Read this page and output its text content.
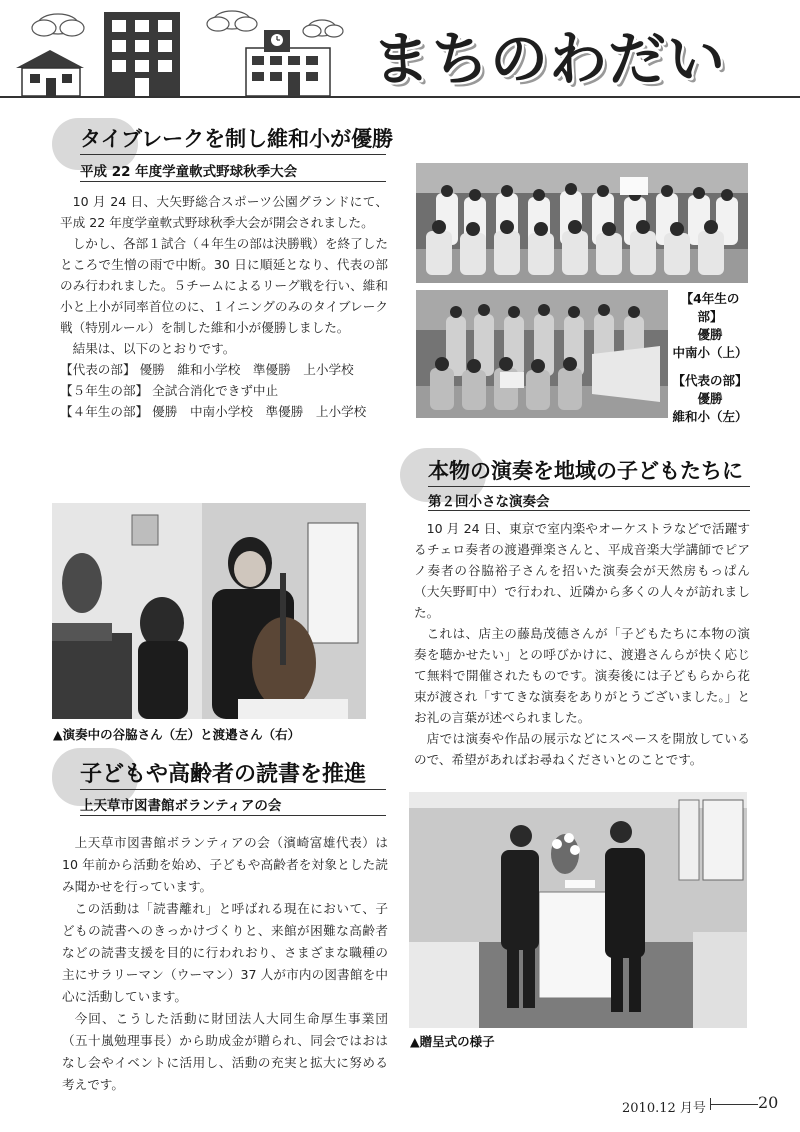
まちのわだい
タイブレークを制し維和小が優勝
平成 22 年度学童軟式野球秋季大会

10 月 24 日、大矢野総合スポーツ公園グランドにて、平成 22 年度学童軟式野球秋季大会が開会されました。

しかし、各部１試合（４年生の部は決勝戦）を終了したところで生憎の雨で中断。30 日に順延となり、代表の部のみ行われました。５チームによるリーグ戦を行い、維和小と上小が同率首位のに、１イニングのみのタイブレーク戦（特別ルール）を制した維和小が優勝しました。

結果は、以下のとおりです。

【代表の部】 優勝　維和小学校　準優勝　上小学校

【５年生の部】 全試合消化できず中止

【４年生の部】 優勝　中南小学校　準優勝　上小学校

【4年生の部】
優勝
中南小（上）
【代表の部】
優勝
維和小（左）
本物の演奏を地域の子どもたちに
第２回小さな演奏会

10 月 24 日、東京で室内楽やオーケストラなどで活躍するチェロ奏者の渡邉弾楽さんと、平成音楽大学講師でピアノ奏者の谷脇裕子さんを招いた演奏会が天然房もっぱん（大矢野町中）で行われ、近隣から多くの人々が訪れました。

これは、店主の藤島茂德さんが「子どもたちに本物の演奏を聴かせたい」との呼びかけに、渡邉さんらが快く応じて無料で開催されたものです。演奏後には子どもらから花束が渡され「すてきな演奏をありがとうございました。」とお礼の言葉が述べられました。

店では演奏や作品の展示などにスペースを開放しているので、希望があればお尋ねくださいとのことです。

▲演奏中の谷脇さん（左）と渡邉さん（右）
子どもや高齢者の読書を推進
上天草市図書館ボランティアの会

上天草市図書館ボランティアの会（濱崎富雄代表）は 10 年前から活動を始め、子どもや高齢者を対象とした読み聞かせを行っています。

この活動は「読書離れ」と呼ばれる現在において、子どもの読書へのきっかけづくりと、来館が困難な高齢者などの読書支援を目的に行われおり、さまざまな職種の主にサラリーマン（ウーマン）37 人が市内の図書館を中心に活動しています。

今回、こうした活動に財団法人大同生命厚生事業団（五十嵐勉理事長）から助成金が贈られ、同会ではおはなし会やイベントに活用し、活動の充実と拡大に努める考えです。

▲贈呈式の様子
2010.12 月号	20
